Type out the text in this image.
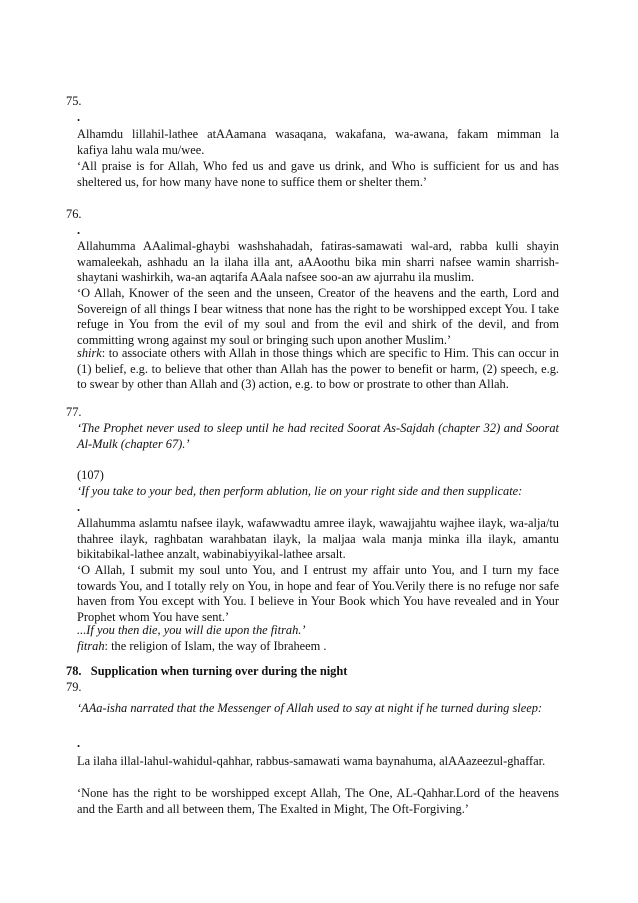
75.
.

Alhamdu lillahil-lathee atAAamana wasaqana, wakafana, wa-awana, fakam mimman la

kafiya lahu wala mu/wee.

‘All praise is for Allah, Who fed us and gave us drink, and Who is sufficient for us and has sheltered us, for how many have none to suffice them or shelter them.’

76.
.

Allahumma AAalimal-ghaybi washshahadah, fatiras-samawati wal-ard, rabba kulli shayin wamaleekah, ashhadu an la ilaha illa ant, aAAoothu bika min sharri nafsee wamin sharrish-shaytani washirkih, wa-an aqtarifa AAala nafsee soo-an aw ajurrahu ila muslim.

‘O Allah, Knower of the seen and the unseen, Creator of the heavens and the earth, Lord and Sovereign of all things I bear witness that none has the right to be worshipped except You. I take refuge in You from the evil of my soul and from the evil and shirk of the devil, and from committing wrong against my soul or bringing such upon another Muslim.’

shirk: to associate others with Allah in those things which are specific to Him. This can occur in (1) belief, e.g. to believe that other than Allah has the power to benefit or harm, (2) speech, e.g. to swear by other than Allah and (3) action, e.g. to bow or prostrate to other than Allah.

77.

‘The Prophet never used to sleep until he had recited Soorat As-Sajdah (chapter 32) and Soorat Al-Mulk (chapter 67).’

(107)

‘If you take to your bed, then perform ablution, lie on your right side and then supplicate:

.

Allahumma aslamtu nafsee ilayk, wafawwadtu amree ilayk, wawajjahtu wajhee ilayk, wa-alja/tu thahree ilayk, raghbatan warahbatan ilayk, la maljaa wala manja minka illa ilayk, amantu bikitabikal-lathee anzalt, wabinabiyyikal-lathee arsalt.

‘O Allah, I submit my soul unto You, and I entrust my affair unto You, and I turn my face towards You, and I totally rely on You, in hope and fear of You.Verily there is no refuge nor safe haven from You except with You. I believe in Your Book which You have revealed and in Your Prophet whom You have sent.’

...If you then die, you will die upon the fitrah.’

fitrah: the religion of Islam, the way of Ibraheem .

78. Supplication when turning over during the night
79.

‘AAa-isha narrated that the Messenger of Allah used to say at night if he turned during sleep:

.

La ilaha illal-lahul-wahidul-qahhar, rabbus-samawati wama baynahuma, alAAazeezul-ghaffar.

‘None has the right to be worshipped except Allah, The One, AL-Qahhar.Lord of the heavens and the Earth and all between them, The Exalted in Might, The Oft-Forgiving.’
